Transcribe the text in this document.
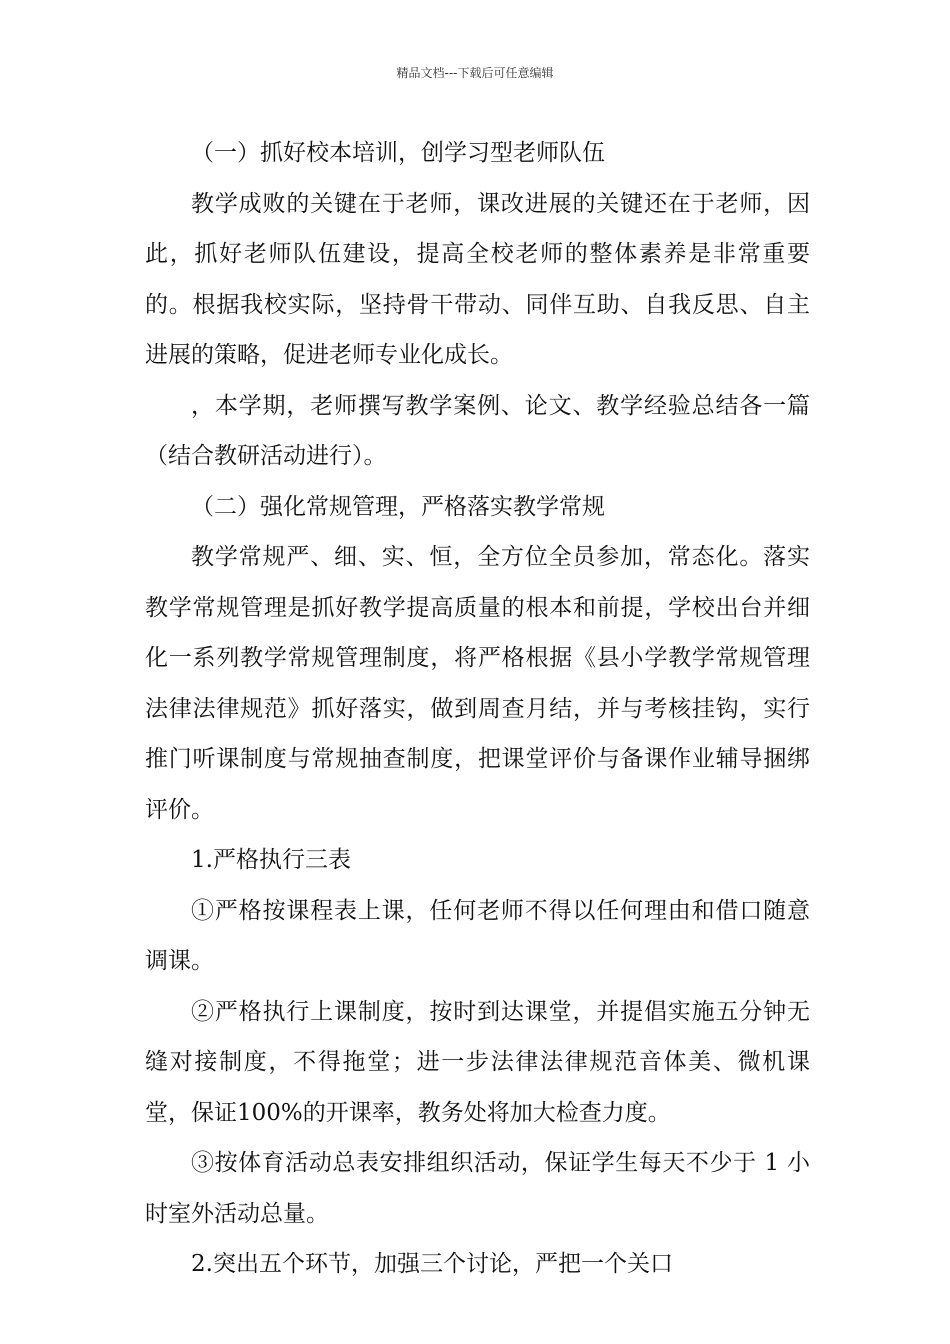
精品文档---下载后可任意编辑

（一）抓好校本培训，创学习型老师队伍

教学成败的关键在于老师，课改进展的关键还在于老师，因此，抓好老师队伍建设，提高全校老师的整体素养是非常重要的。根据我校实际，坚持骨干带动、同伴互助、自我反思、自主进展的策略，促进老师专业化成长。

，本学期，老师撰写教学案例、论文、教学经验总结各一篇（结合教研活动进行）。

（二）强化常规管理，严格落实教学常规

教学常规严、细、实、恒，全方位全员参加，常态化。落实教学常规管理是抓好教学提高质量的根本和前提，学校出台并细化一系列教学常规管理制度，将严格根据《县小学教学常规管理法律法律规范》抓好落实，做到周查月结，并与考核挂钩，实行推门听课制度与常规抽查制度，把课堂评价与备课作业辅导捆绑评价。

1.严格执行三表

①严格按课程表上课，任何老师不得以任何理由和借口随意调课。

②严格执行上课制度，按时到达课堂，并提倡实施五分钟无缝对接制度，不得拖堂；进一步法律法律规范音体美、微机课堂，保证100%的开课率，教务处将加大检查力度。

③按体育活动总表安排组织活动，保证学生每天不少于 1 小时室外活动总量。

2.突出五个环节，加强三个讨论，严把一个关口
